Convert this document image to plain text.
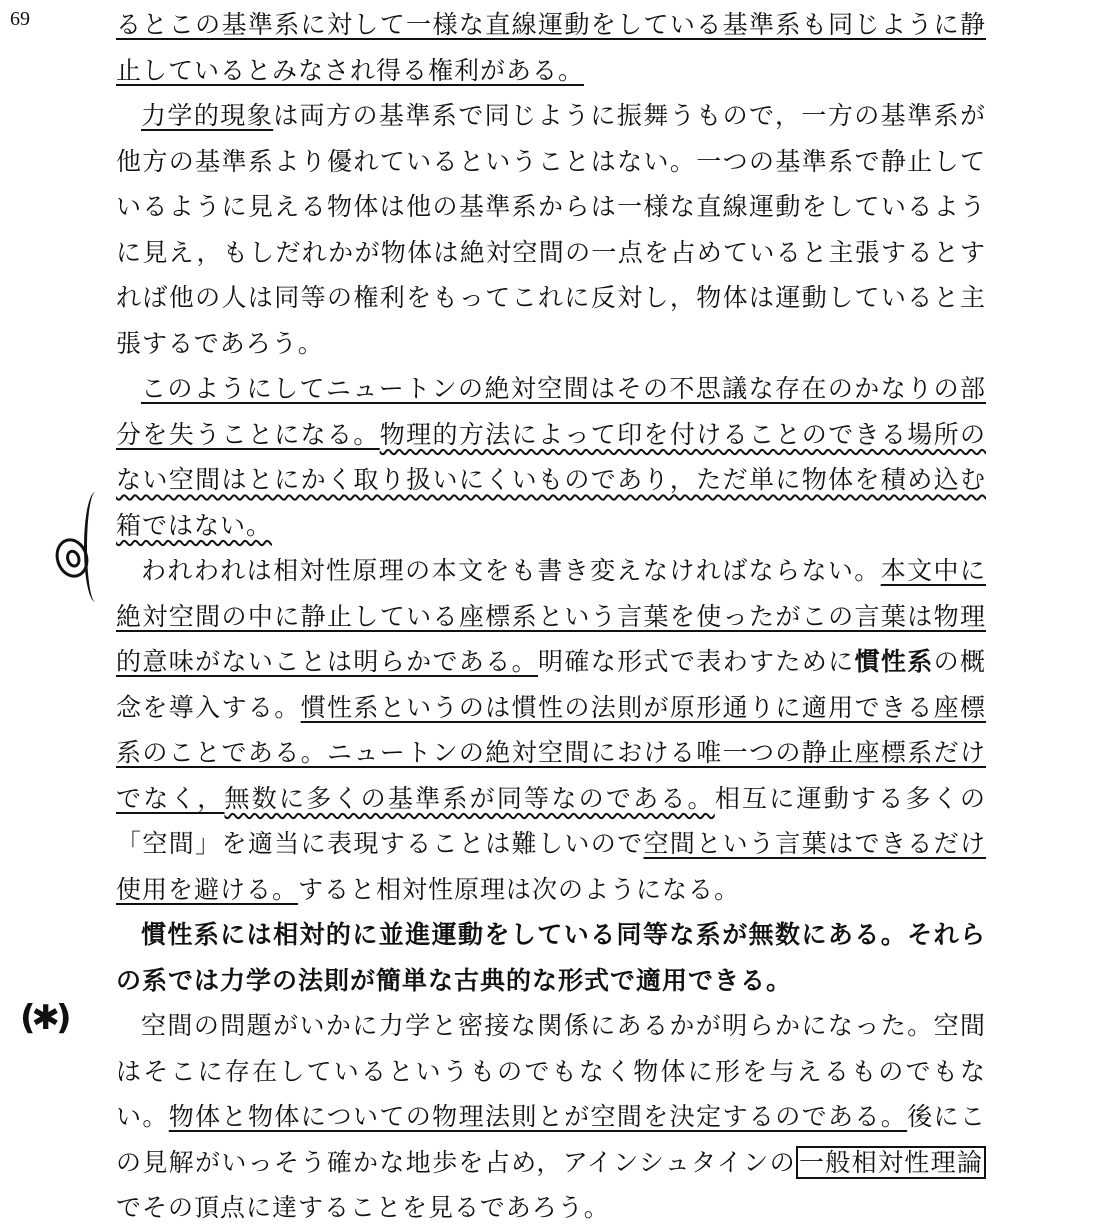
69
(✱)

るとこの基準系に対して一様な直線運動をしている基準系も同じように静止しているとみなされ得る権利がある。

力学的現象は両方の基準系で同じように振舞うもので，一方の基準系が他方の基準系より優れているということはない。一つの基準系で静止しているように見える物体は他の基準系からは一様な直線運動をしているように見え，もしだれかが物体は絶対空間の一点を占めていると主張するとすれば他の人は同等の権利をもってこれに反対し，物体は運動していると主張するであろう。

このようにしてニュートンの絶対空間はその不思議な存在のかなりの部分を失うことになる。物理的方法によって印を付けることのできる場所のない空間はとにかく取り扱いにくいものであり，ただ単に物体を積め込む箱ではない。

われわれは相対性原理の本文をも書き変えなければならない。本文中に絶対空間の中に静止している座標系という言葉を使ったがこの言葉は物理的意味がないことは明らかである。明確な形式で表わすために慣性系の概念を導入する。慣性系というのは慣性の法則が原形通りに適用できる座標系のことである。ニュートンの絶対空間における唯一つの静止座標系だけでなく，無数に多くの基準系が同等なのである。相互に運動する多くの「空間」を適当に表現することは難しいので空間という言葉はできるだけ使用を避ける。すると相対性原理は次のようになる。

慣性系には相対的に並進運動をしている同等な系が無数にある。それらの系では力学の法則が簡単な古典的な形式で適用できる。

空間の問題がいかに力学と密接な関係にあるかが明らかになった。空間はそこに存在しているというものでもなく物体に形を与えるものでもない。物体と物体についての物理法則とが空間を決定するのである。後にこの見解がいっそう確かな地歩を占め，アインシュタインの 一般相対性理論でその頂点に達することを見るであろう。
